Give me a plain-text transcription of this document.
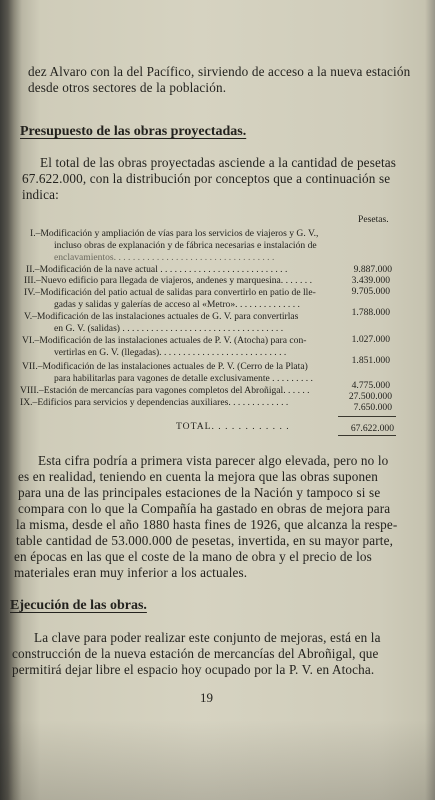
dez Alvaro con la del Pacífico, sirviendo de acceso a la nueva estación
desde otros sectores de la población.
Presupuesto de las obras proyectadas.
El total de las obras proyectadas asciende a la cantidad de pesetas
67.622.000, con la distribución por conceptos que a continuación se
indica:
Pesetas.
I.–Modificación y ampliación de vías para los servicios de viajeros y G. V.,
incluso obras de explanación y de fábrica necesarias e instalación de
enclavamientos. . . . . . . . . . . . . . . . . . . . . . . . . . . . . . . . . .
9.887.000
II.–Modificación de la nave actual . . . . . . . . . . . . . . . . . . . . . . . . . . .
3.439.000
III.–Nuevo edificio para llegada de viajeros, andenes y marquesina. . . . . . .
9.705.000
IV.–Modificación del patio actual de salidas para convertirlo en patio de lle-
gadas y salidas y galerías de acceso al «Metro». . . . . . . . . . . . . .
1.788.000
V.–Modificación de las instalaciones actuales de G. V. para convertirlas
en G. V. (salidas) . . . . . . . . . . . . . . . . . . . . . . . . . . . . . . . . . .
1.027.000
VI.–Modificación de las instalaciones actuales de P. V. (Atocha) para con-
vertirlas en G. V. (llegadas). . . . . . . . . . . . . . . . . . . . . . . . . . .
1.851.000
VII.–Modificación de las instalaciones actuales de P. V. (Cerro de la Plata)
para habilitarlas para vagones de detalle exclusivamente . . . . . . . . .
4.775.000
VIII.–Estación de mercancías para vagones completos del Abroñigal. . . . . .
27.500.000
IX.–Edificios para servicios y dependencias auxiliares. . . . . . . . . . . . .	7.650.000
TOTAL. . . . . . . . . . . .	67.622.000
Esta cifra podría a primera vista parecer algo elevada, pero no lo
es en realidad, teniendo en cuenta la mejora que las obras suponen
para una de las principales estaciones de la Nación y tampoco si se
compara con lo que la Compañía ha gastado en obras de mejora para
la misma, desde el año 1880 hasta fines de 1926, que alcanza la respe-
table cantidad de 53.000.000 de pesetas, invertida, en su mayor parte,
en épocas en las que el coste de la mano de obra y el precio de los
materiales eran muy inferior a los actuales.
Ejecución de las obras.
La clave para poder realizar este conjunto de mejoras, está en la
construcción de la nueva estación de mercancías del Abroñigal, que
permitirá dejar libre el espacio hoy ocupado por la P. V. en Atocha.
19
